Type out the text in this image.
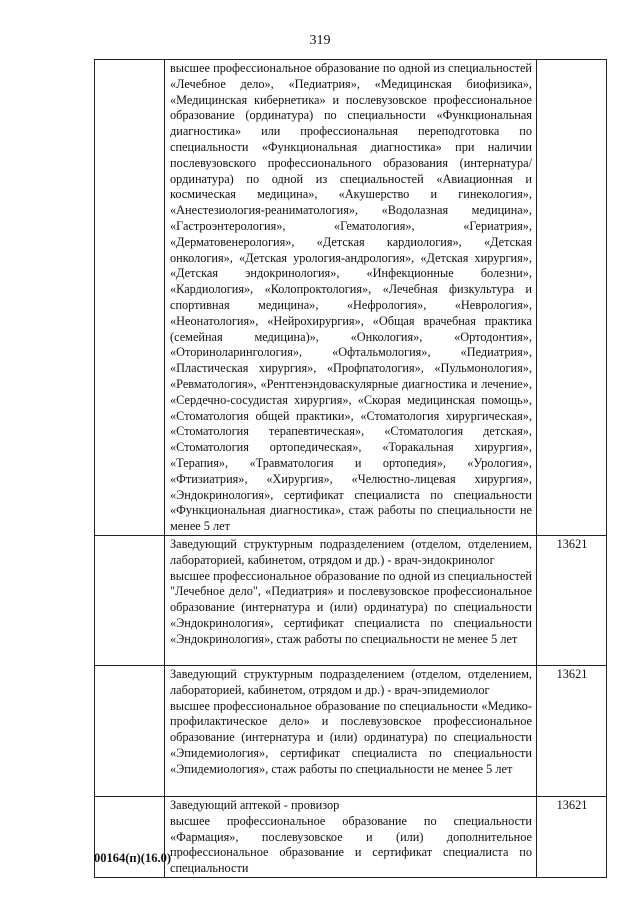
319

	высшее профессиональное образование по одной из специальностей «Лечебное дело», «Педиатрия», «Медицинская биофизика», «Медицинская кибернетика» и послевузовское профессиональное образование (ординатура) по специальности «Функциональная диагностика» или профессиональная переподготовка по специальности «Функциональная диагностика» при наличии послевузовского профессионального образования (интернатура/ординатура) по одной из специальностей «Авиационная и космическая медицина», «Акушерство и гинекология», «Анестезиология-реаниматология», «Водолазная медицина», «Гастроэнтерология», «Гематология», «Гериатрия», «Дерматовенерология», «Детская кардиология», «Детская онкология», «Детская урология-андрология», «Детская хирургия», «Детская эндокринология», «Инфекционные болезни», «Кардиология», «Колопроктология», «Лечебная физкультура и спортивная медицина», «Нефрология», «Неврология», «Неонатология», «Нейрохирургия», «Общая врачебная практика (семейная медицина)», «Онкология», «Ортодонтия», «Оториноларингология», «Офтальмология», «Педиатрия», «Пластическая хирургия», «Профпатология», «Пульмонология», «Ревматология», «Рентгенэндоваскулярные диагностика и лечение», «Сердечно-сосудистая хирургия», «Скорая медицинская помощь», «Стоматология общей практики», «Стоматология хирургическая», «Стоматология терапевтическая», «Стоматология детская», «Стоматология ортопедическая», «Торакальная хирургия», «Терапия», «Травматология и ортопедия», «Урология», «Фтизиатрия», «Хирургия», «Челюстно-лицевая хирургия», «Эндокринология», сертификат специалиста по специальности «Функциональная диагностика», стаж работы по специальности не менее 5 лет	

	Заведующий структурным подразделением (отделом, отделением, лабораторией, кабинетом, отрядом и др.) - врач-эндокринолог
высшее профессиональное образование по одной из специальностей "Лечебное дело", «Педиатрия» и послевузовское профессиональное образование (интернатура и (или) ординатура) по специальности «Эндокринология», сертификат специалиста по специальности «Эндокринология», стаж работы по специальности не менее 5 лет	13621

	Заведующий структурным подразделением (отделом, отделением, лабораторией, кабинетом, отрядом и др.) - врач-эпидемиолог
высшее профессиональное образование по специальности «Медико-профилактическое дело» и послевузовское профессиональное образование (интернатура и (или) ординатура) по специальности «Эпидемиология», сертификат специалиста по специальности «Эпидемиология», стаж работы по специальности не менее 5 лет	13621

	Заведующий аптекой - провизор
высшее профессиональное образование по специальности «Фармация», послевузовское и (или) дополнительное профессиональное образование и сертификат специалиста по специальности	13621
00164(п)(16.0)
